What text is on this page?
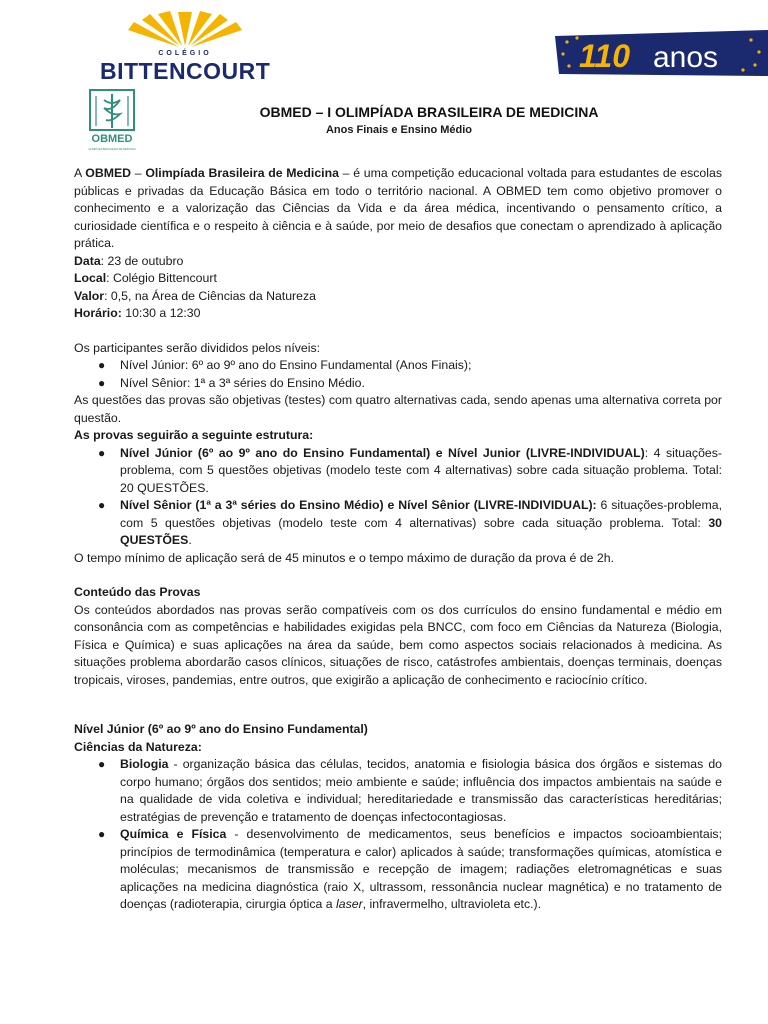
COLÉGIO
BITTENCOURT	110 anos
OBMED
OLIMPÍADA BRASILEIRA DE MEDICINA
OBMED – I OLIMPÍADA BRASILEIRA DE MEDICINA
Anos Finais e Ensino Médio

A OBMED – Olimpíada Brasileira de Medicina – é uma competição educacional voltada para estudantes de escolas públicas e privadas da Educação Básica em todo o território nacional. A OBMED tem como objetivo promover o conhecimento e a valorização das Ciências da Vida e da área médica, incentivando o pensamento crítico, a curiosidade científica e o respeito à ciência e à saúde, por meio de desafios que conectam o aprendizado à aplicação prática.

Data: 23 de outubro

Local: Colégio Bittencourt

Valor: 0,5, na Área de Ciências da Natureza

Horário: 10:30 a 12:30

Os participantes serão divididos pelos níveis:

● Nível Júnior: 6º ao 9º ano do Ensino Fundamental (Anos Finais);
● Nível Sênior: 1ª a 3ª séries do Ensino Médio.

As questões das provas são objetivas (testes) com quatro alternativas cada, sendo apenas uma alternativa correta por questão.

As provas seguirão a seguinte estrutura:

● Nível Júnior (6º ao 9º ano do Ensino Fundamental) e Nível Junior (LIVRE-INDIVIDUAL): 4 situações-problema, com 5 questões objetivas (modelo teste com 4 alternativas) sobre cada situação problema. Total: 20 QUESTÕES.
● Nível Sênior (1ª a 3ª séries do Ensino Médio) e Nível Sênior (LIVRE-INDIVIDUAL): 6 situações-problema, com 5 questões objetivas (modelo teste com 4 alternativas) sobre cada situação problema. Total: 30 QUESTÕES.

O tempo mínimo de aplicação será de 45 minutos e o tempo máximo de duração da prova é de 2h.

Conteúdo das Provas

Os conteúdos abordados nas provas serão compatíveis com os dos currículos do ensino fundamental e médio em consonância com as competências e habilidades exigidas pela BNCC, com foco em Ciências da Natureza (Biologia, Física e Química) e suas aplicações na área da saúde, bem como aspectos sociais relacionados à medicina. As situações problema abordarão casos clínicos, situações de risco, catástrofes ambientais, doenças terminais, doenças tropicais, viroses, pandemias, entre outros, que exigirão a aplicação de conhecimento e raciocínio crítico.

Nível Júnior (6º ao 9º ano do Ensino Fundamental)

Ciências da Natureza:

● Biologia - organização básica das células, tecidos, anatomia e fisiologia básica dos órgãos e sistemas do corpo humano; órgãos dos sentidos; meio ambiente e saúde; influência dos impactos ambientais na saúde e na qualidade de vida coletiva e individual; hereditariedade e transmissão das características hereditárias; estratégias de prevenção e tratamento de doenças infectocontagiosas.
● Química e Física - desenvolvimento de medicamentos, seus benefícios e impactos socioambientais; princípios de termodinâmica (temperatura e calor) aplicados à saúde; transformações químicas, atomística e moléculas; mecanismos de transmissão e recepção de imagem; radiações eletromagnéticas e suas aplicações na medicina diagnóstica (raio X, ultrassom, ressonância nuclear magnética) e no tratamento de doenças (radioterapia, cirurgia óptica a laser, infravermelho, ultravioleta etc.).
